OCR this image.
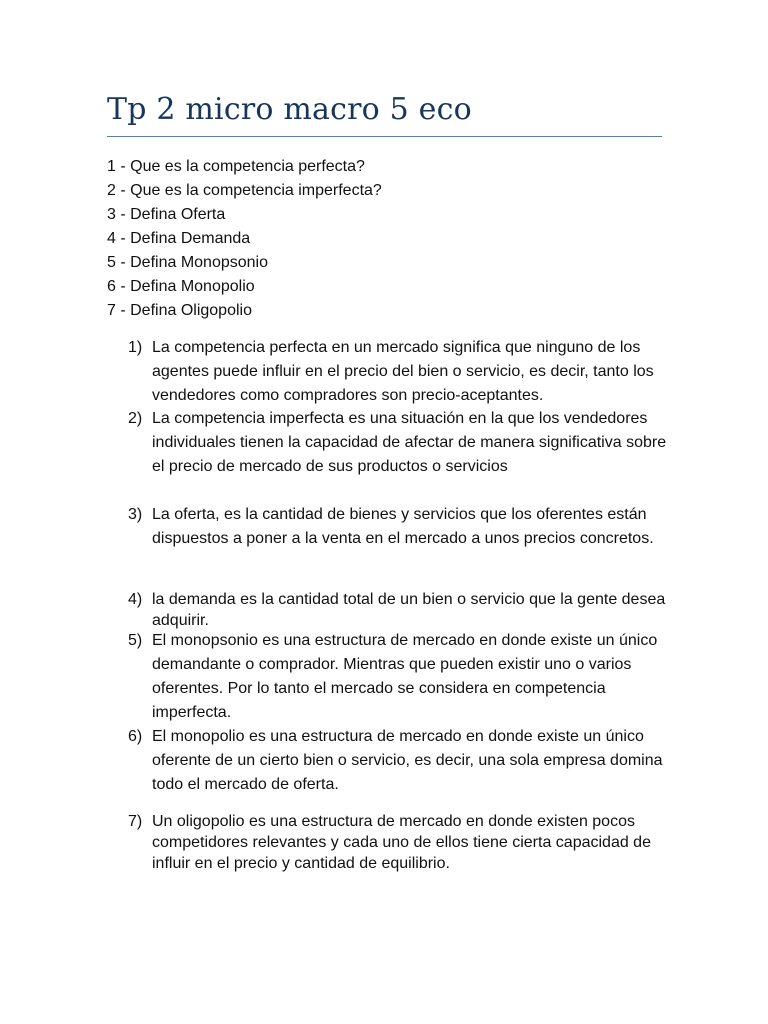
Tp 2 micro macro 5 eco
1 - Que es la competencia perfecta?
2 - Que es la competencia imperfecta?
3 - Defina Oferta
4 - Defina Demanda
5 - Defina Monopsonio
6 - Defina Monopolio
7 - Defina Oligopolio
1) La competencia perfecta en un mercado significa que ninguno de los agentes puede influir en el precio del bien o servicio, es decir, tanto los vendedores como compradores son precio-aceptantes.
2) La competencia imperfecta es una situación en la que los vendedores individuales tienen la capacidad de afectar de manera significativa sobre el precio de mercado de sus productos o servicios
3) La oferta, es la cantidad de bienes y servicios que los oferentes están dispuestos a poner a la venta en el mercado a unos precios concretos.
4) la demanda es la cantidad total de un bien o servicio que la gente desea adquirir.
5) El monopsonio es una estructura de mercado en donde existe un único demandante o comprador. Mientras que pueden existir uno o varios oferentes. Por lo tanto el mercado se considera en competencia imperfecta.
6) El monopolio es una estructura de mercado en donde existe un único oferente de un cierto bien o servicio, es decir, una sola empresa domina todo el mercado de oferta.
7) Un oligopolio es una estructura de mercado en donde existen pocos competidores relevantes y cada uno de ellos tiene cierta capacidad de influir en el precio y cantidad de equilibrio.
